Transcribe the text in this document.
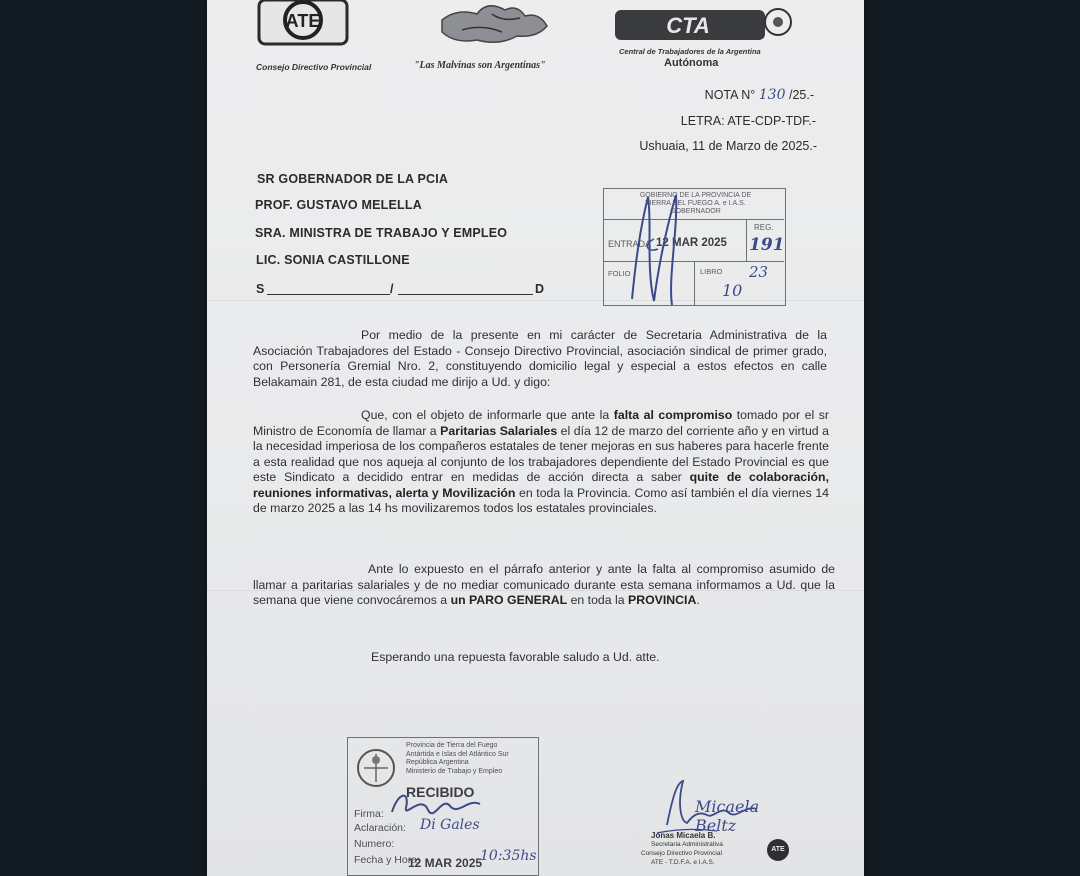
ATE
Consejo Directivo Provincial	"Las Malvinas son Argentinas"
CTA
Central de Trabajadores de la Argentina
Autónoma
NOTA N° 130 /25.-
LETRA: ATE-CDP-TDF.-
Ushuaia, 11 de Marzo de 2025.-
SR GOBERNADOR DE LA PCIA
PROF. GUSTAVO MELELLA
SRA. MINISTRA DE TRABAJO Y EMPLEO
LIC. SONIA CASTILLONE
S	/	D
GOBIERNO DE LA PROVINCIA DE
TIERRA DEL FUEGO A. e I.A.S.
GOBERNADOR
ENTRADA 12 MAR 2025
REG.
191
FOLIO	LIBRO 23
10
Por medio de la presente en mi carácter de Secretaria Administrativa de la Asociación Trabajadores del Estado - Consejo Directivo Provincial, asociación sindical de primer grado, con Personería Gremial Nro. 2, constituyendo domicilio legal y especial a estos efectos en calle Belakamain 281, de esta ciudad me dirijo a Ud. y digo:
Que, con el objeto de informarle que ante la falta al compromiso tomado por el sr Ministro de Economía de llamar a Paritarias Salariales el día 12 de marzo del corriente año y en virtud a la necesidad imperiosa de los compañeros estatales de tener mejoras en sus haberes para hacerle frente a esta realidad que nos aqueja al conjunto de los trabajadores dependiente del Estado Provincial es que este Sindicato a decidido entrar en medidas de acción directa a saber quite de colaboración, reuniones informativas, alerta y Movilización en toda la Provincia. Como así también el día viernes 14 de marzo 2025 a las 14 hs movilizaremos todos los estatales provinciales.
Ante lo expuesto en el párrafo anterior y ante la falta al compromiso asumido de llamar a paritarias salariales y de no mediar comunicado durante esta semana informamos a Ud. que la semana que viene convocáremos a un PARO GENERAL en toda la PROVINCIA.
Esperando una repuesta favorable saludo a Ud. atte.
Provincia de Tierra del Fuego
Antártida e Islas del Atlántico Sur
República Argentina
Ministerio de Trabajo y Empleo
RECIBIDO
Firma:
Aclaración: Di Gales
Numero:
Fecha y Hora:
12 MAR 2025
10:35hs
Micaela Beltz
Jonas Micaela B.
Secretaria Administrativa
Consejo Directivo Provincial
ATE - T.D.F.A. e I.A.S.
ATE
